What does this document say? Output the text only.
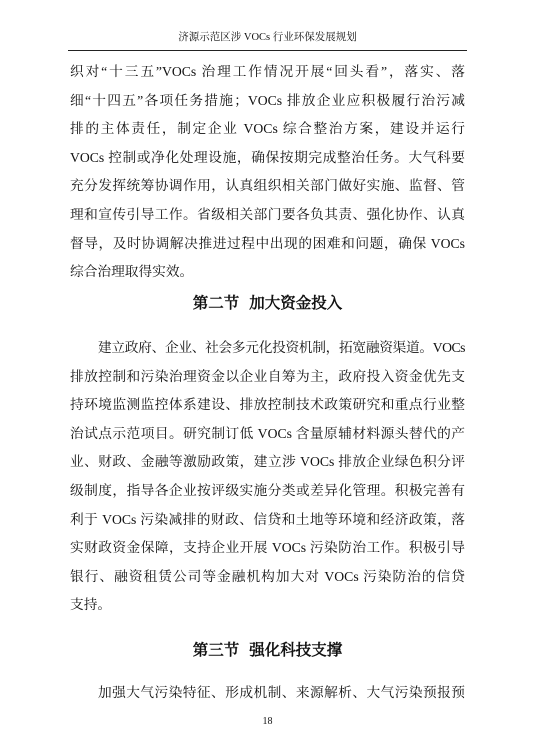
济源示范区涉 VOCs 行业环保发展规划
织对“十三五”VOCs 治理工作情况开展“回头看”，落实、落
细“十四五”各项任务措施；VOCs 排放企业应积极履行治污减
排的主体责任，制定企业 VOCs 综合整治方案，建设并运行
VOCs 控制或净化处理设施，确保按期完成整治任务。大气科要
充分发挥统筹协调作用，认真组织相关部门做好实施、监督、管
理和宣传引导工作。省级相关部门要各负其责、强化协作、认真
督导，及时协调解决推进过程中出现的困难和问题，确保 VOCs
综合治理取得实效。
第二节 加大资金投入
建立政府、企业、社会多元化投资机制，拓宽融资渠道。VOCs
排放控制和污染治理资金以企业自筹为主，政府投入资金优先支
持环境监测监控体系建设、排放控制技术政策研究和重点行业整
治试点示范项目。研究制订低 VOCs 含量原辅材料源头替代的产
业、财政、金融等激励政策，建立涉 VOCs 排放企业绿色积分评
级制度，指导各企业按评级实施分类或差异化管理。积极完善有
利于 VOCs 污染减排的财政、信贷和土地等环境和经济政策，落
实财政资金保障，支持企业开展 VOCs 污染防治工作。积极引导
银行、融资租赁公司等金融机构加大对 VOCs 污染防治的信贷
支持。
第三节 强化科技支撑
加强大气污染特征、形成机制、来源解析、大气污染预报预
18
